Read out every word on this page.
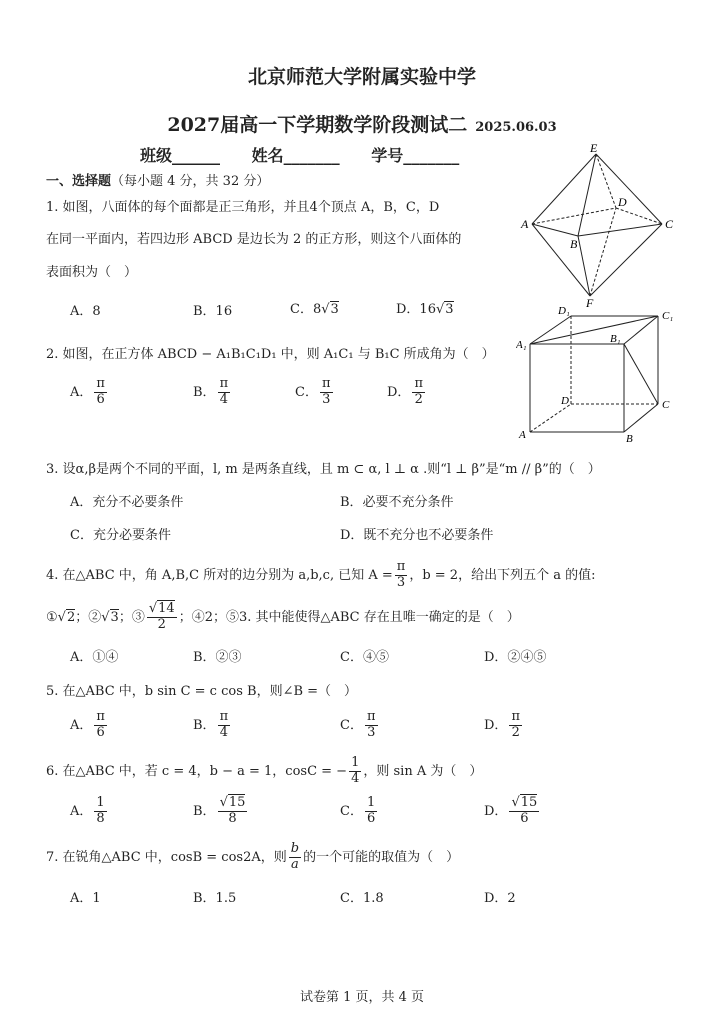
北京师范大学附属实验中学
2027届高一下学期数学阶段测试二 2025.06.03
班级______ 姓名_______ 学号_______
一、选择题（每小题 4 分，共 32 分）
1. 如图，八面体的每个面都是正三角形，并且4个顶点 A，B，C，D
在同一平面内，若四边形 ABCD 是边长为 2 的正方形，则这个八面体的
表面积为（　）
A．8	B．16	C．8√3	D．16√3
E
D
A
B
C
F
2. 如图，在正方体 ABCD − A₁B₁C₁D₁ 中，则 A₁C₁ 与 B₁C 所成角为（　）
A． $\frac{\pi}{6}$	B． $\frac{\pi}{4}$	C． $\frac{\pi}{3}$	D． $\frac{\pi}{2}$
D₁	C₁
A₁	B₁
D	C
A	B
3. 设α,β是两个不同的平面，l, m 是两条直线，且 m ⊂ α, l ⊥ α .则“l ⊥ β”是“m // β”的（　）
A．充分不必要条件	B．必要不充分条件
C．充分必要条件	D．既不充分也不必要条件
4. 在△ABC 中，角 A,B,C 所对的边分别为 a,b,c, 已知 $A = \frac{\pi}{3}$ ，b = 2，给出下列五个 a 的值:
①√2；②√3；③ $\frac{√14}{2}$ ；④2；⑤3. 其中能使得△ABC 存在且唯一确定的是（　）
A．①④	B．②③	C．④⑤	D．②④⑤
5. 在△ABC 中，b sin C = c cos B，则∠B =（　）
A． $\frac{\pi}{6}$	B． $\frac{\pi}{4}$	C． $\frac{\pi}{3}$	D． $\frac{\pi}{2}$
6. 在△ABC 中，若 c = 4，b − a = 1，cosC = − $\frac{1}{4}$ ，则 sin A 为（　）
A． $\frac{1}{8}$	B． $\frac{√15}{8}$	C． $\frac{1}{6}$	D． $\frac{√15}{6}$
7. 在锐角△ABC 中，cosB = cos2A，则 $\frac{b}{a}$ 的一个可能的取值为（　）
A．1	B．1.5	C．1.8	D．2
试卷第 1 页，共 4 页
